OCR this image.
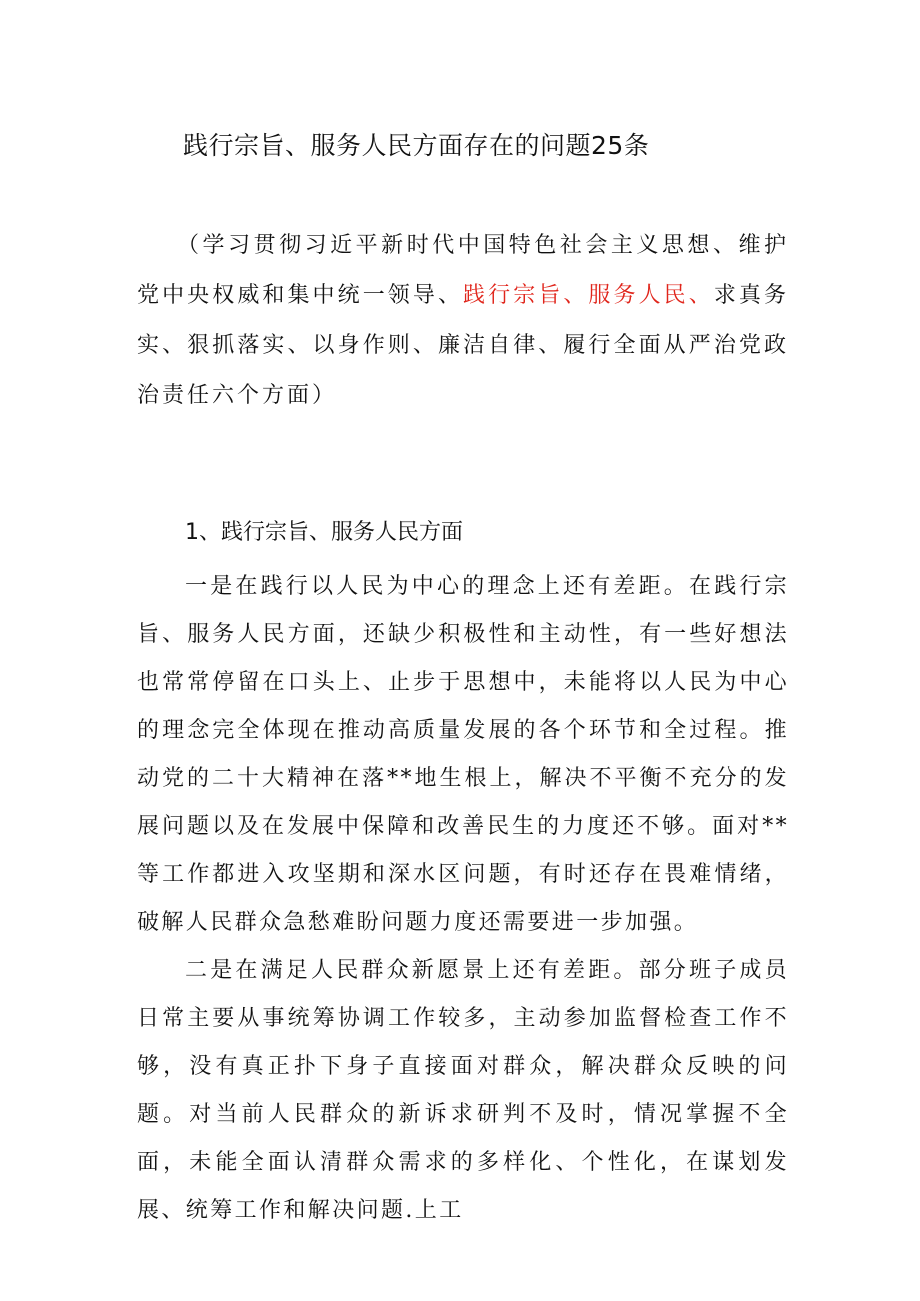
践行宗旨、服务人民方面存在的问题25条

（学习贯彻习近平新时代中国特色社会主义思想、维护党中央权威和集中统一领导、践行宗旨、服务人民、求真务实、狠抓落实、以身作则、廉洁自律、履行全面从严治党政治责任六个方面）

1、践行宗旨、服务人民方面

一是在践行以人民为中心的理念上还有差距。在践行宗旨、服务人民方面，还缺少积极性和主动性，有一些好想法也常常停留在口头上、止步于思想中，未能将以人民为中心的理念完全体现在推动高质量发展的各个环节和全过程。推动党的二十大精神在落**地生根上，解决不平衡不充分的发展问题以及在发展中保障和改善民生的力度还不够。面对**等工作都进入攻坚期和深水区问题，有时还存在畏难情绪，破解人民群众急愁难盼问题力度还需要进一步加强。

二是在满足人民群众新愿景上还有差距。部分班子成员日常主要从事统筹协调工作较多，主动参加监督检查工作不够，没有真正扑下身子直接面对群众，解决群众反映的问题。对当前人民群众的新诉求研判不及时，情况掌握不全面，未能全面认清群众需求的多样化、个性化，在谋划发展、统筹工作和解决问题.上工
